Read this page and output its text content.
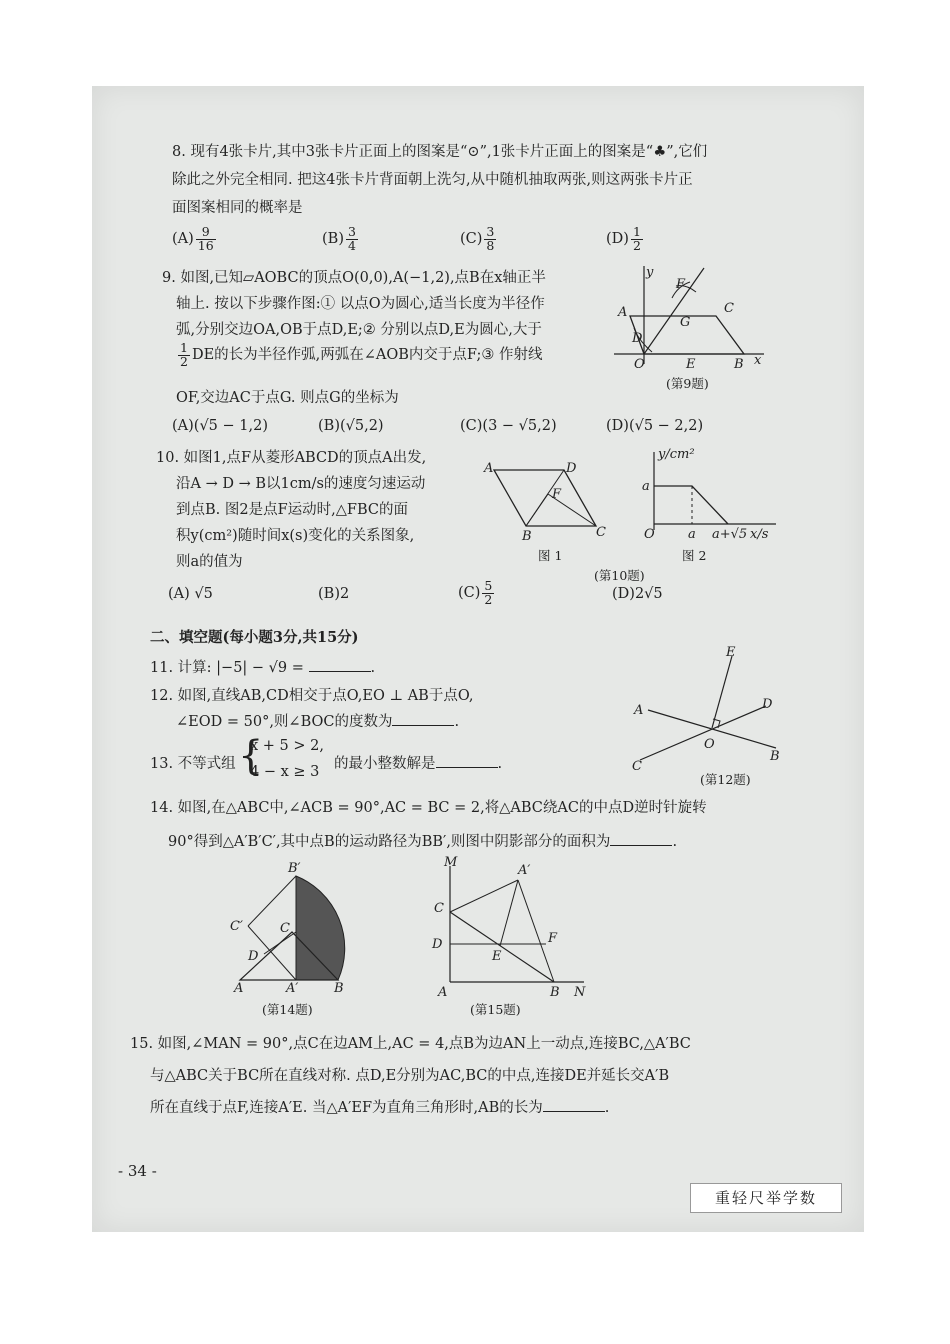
8. 现有4张卡片,其中3张卡片正面上的图案是“⊙”,1张卡片正面上的图案是“♣”,它们
除此之外完全相同. 把这4张卡片背面朝上洗匀,从中随机抽取两张,则这两张卡片正
面图案相同的概率是
$(A) \frac{9}{16}$	$(B) \frac{3}{4}$	$(C) \frac{3}{8}$	$(D) \frac{1}{2}$
9. 如图,已知▱AOBC的顶点O(0,0),A(−1,2),点B在x轴正半
轴上. 按以下步骤作图:① 以点O为圆心,适当长度为半径作
弧,分别交边OA,OB于点D,E;② 分别以点D,E为圆心,大于
$\frac{1}{2}$ DE的长为半径作弧,两弧在∠AOB内交于点F;③ 作射线
OF,交边AC于点G. 则点G的坐标为
(A)(√5 − 1,2)	(B)(√5,2)	(C)(3 − √5,2)	(D)(√5 − 2,2)
y
F
A	C
G
D
O	E	B x
(第9题)
10. 如图1,点F从菱形ABCD的顶点A出发,
沿A → D → B以1cm/s的速度匀速运动
到点B. 图2是点F运动时,△FBC的面
积y(cm²)随时间x(s)变化的关系图象,
则a的值为
(A) √5	(B)2	$(C) \frac{5}{2}$	(D)2√5
A	D
F
B	C
图 1
y/cm²
a
O	a a+√5 x/s
图 2
(第10题)
二、填空题(每小题3分,共15分)
11. 计算: |−5| − √9 =	.
12. 如图,直线AB,CD相交于点O,EO ⊥ AB于点O,
∠EOD = 50°,则∠BOC的度数为	.
E
D
A
O
B
C
(第12题)
13. 不等式组 {
x + 5 > 2,
4 − x ≥ 3 的最小整数解是	.
14. 如图,在△ABC中,∠ACB = 90°,AC = BC = 2,将△ABC绕AC的中点D逆时针旋转
90°得到△A′B′C′,其中点B的运动路径为BB′,则图中阴影部分的面积为	.
B′
C′	C
D
A	A′	B
(第14题)
M
A′
C
D	F
E
A	B N
(第15题)
15. 如图,∠MAN = 90°,点C在边AM上,AC = 4,点B为边AN上一动点,连接BC,△A′BC
与△ABC关于BC所在直线对称. 点D,E分别为AC,BC的中点,连接DE并延长交A′B
所在直线于点F,连接A′E. 当△A′EF为直角三角形时,AB的长为	.
- 34 -
重轻尺举学数
